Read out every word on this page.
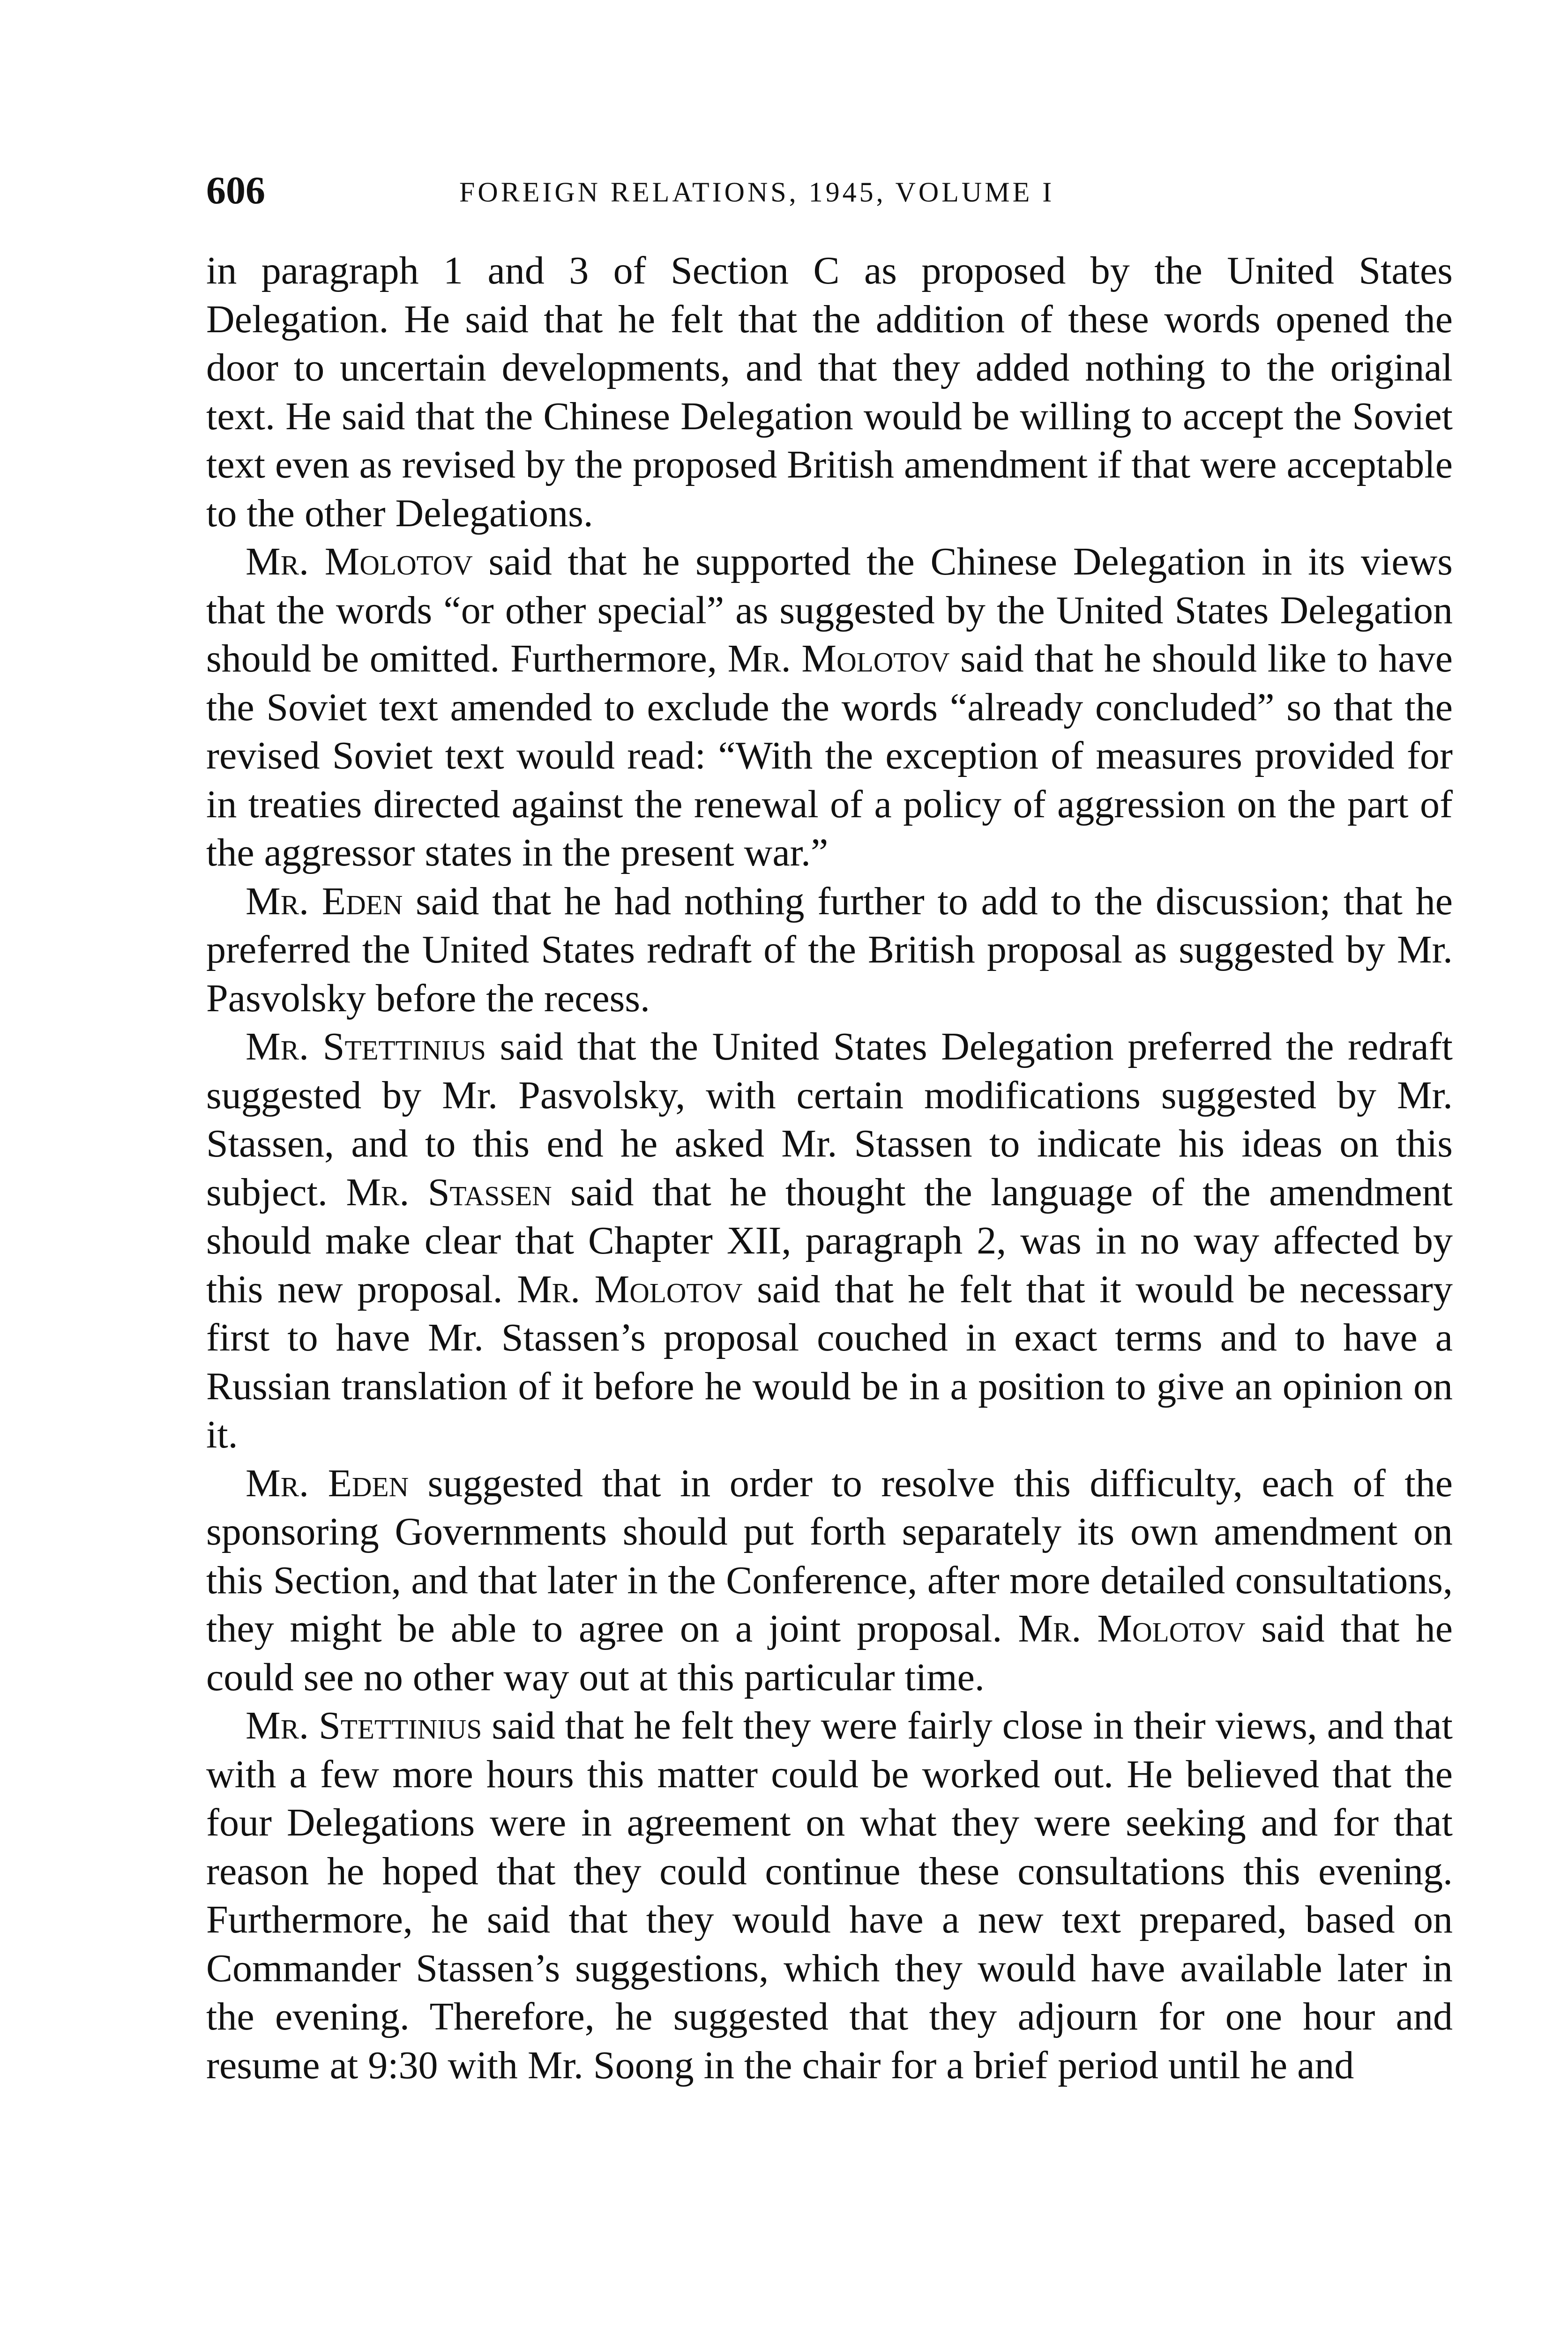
606	FOREIGN RELATIONS, 1945, VOLUME I

in paragraph 1 and 3 of Section C as proposed by the United States Delegation. He said that he felt that the addition of these words opened the door to uncertain developments, and that they added nothing to the original text. He said that the Chinese Delegation would be willing to accept the Soviet text even as revised by the proposed British amendment if that were acceptable to the other Delegations.

Mr. Molotov said that he supported the Chinese Delegation in its views that the words “or other special” as suggested by the United States Delegation should be omitted. Furthermore, Mr. Molotov said that he should like to have the Soviet text amended to exclude the words “already concluded” so that the revised Soviet text would read: “With the exception of measures provided for in treaties directed against the renewal of a policy of aggression on the part of the aggressor states in the present war.”

Mr. Eden said that he had nothing further to add to the discussion; that he preferred the United States redraft of the British proposal as suggested by Mr. Pasvolsky before the recess.

Mr. Stettinius said that the United States Delegation preferred the redraft suggested by Mr. Pasvolsky, with certain modifications suggested by Mr. Stassen, and to this end he asked Mr. Stassen to indicate his ideas on this subject. Mr. Stassen said that he thought the language of the amendment should make clear that Chapter XII, paragraph 2, was in no way affected by this new proposal. Mr. Molotov said that he felt that it would be necessary first to have Mr. Stassen’s proposal couched in exact terms and to have a Russian translation of it before he would be in a position to give an opinion on it.

Mr. Eden suggested that in order to resolve this difficulty, each of the sponsoring Governments should put forth separately its own amendment on this Section, and that later in the Conference, after more detailed consultations, they might be able to agree on a joint proposal. Mr. Molotov said that he could see no other way out at this particular time.

Mr. Stettinius said that he felt they were fairly close in their views, and that with a few more hours this matter could be worked out. He believed that the four Delegations were in agreement on what they were seeking and for that reason he hoped that they could continue these consultations this evening. Furthermore, he said that they would have a new text prepared, based on Commander Stassen’s suggestions, which they would have available later in the evening. Therefore, he suggested that they adjourn for one hour and resume at 9:30 with Mr. Soong in the chair for a brief period until he and
